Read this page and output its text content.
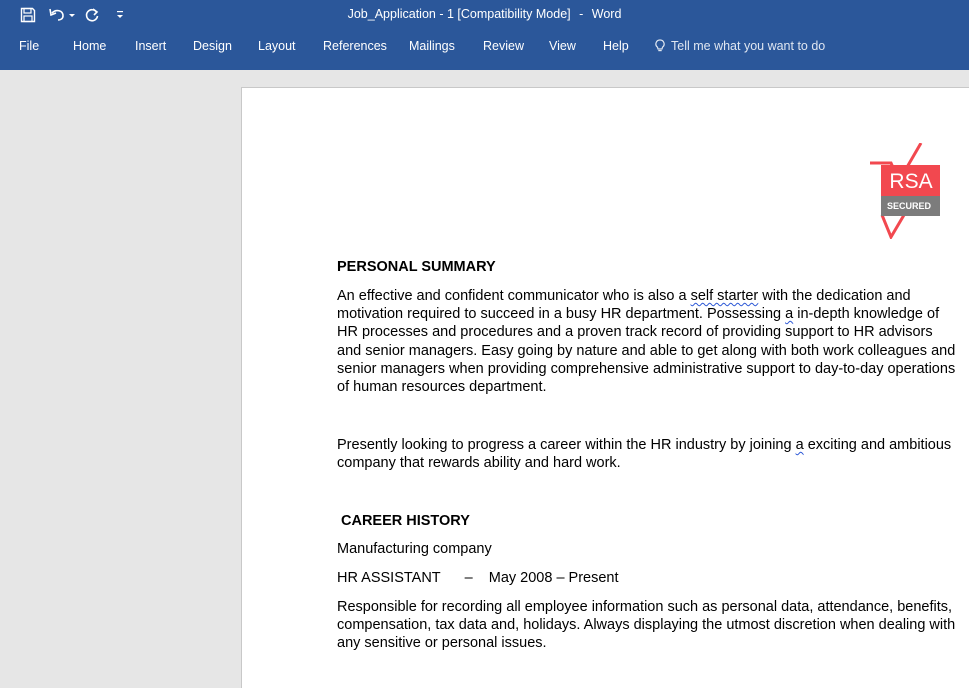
Job_Application - 1 [Compatibility Mode] - Word
File	Home Insert Design Layout References Mailings Review View Help	Tell me what you want to do
RSA
SECURED
PERSONAL SUMMARY
An effective and confident communicator who is also a self starter with the dedication and motivation required to succeed in a busy HR department. Possessing a in-depth knowledge of HR processes and procedures and a proven track record of providing support to HR advisors and senior managers. Easy going by nature and able to get along with both work colleagues and senior managers when providing comprehensive administrative support to day-to-day operations of human resources department.
Presently looking to progress a career within the HR industry by joining a exciting and ambitious company that rewards ability and hard work.
CAREER HISTORY
Manufacturing company
HR ASSISTANT      –    May 2008 – Present
Responsible for recording all employee information such as personal data, attendance, benefits, compensation, tax data and, holidays. Always displaying the utmost discretion when dealing with any sensitive or personal issues.
